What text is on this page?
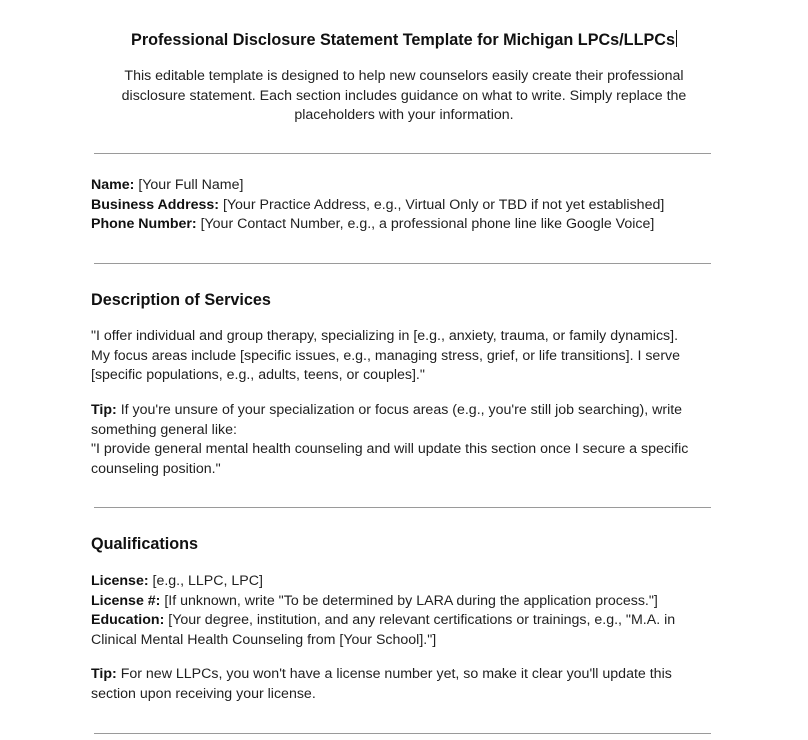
Professional Disclosure Statement Template for Michigan LPCs/LLPCs
This editable template is designed to help new counselors easily create their professional
disclosure statement. Each section includes guidance on what to write. Simply replace the
placeholders with your information.
Name: [Your Full Name]
Business Address: [Your Practice Address, e.g., Virtual Only or TBD if not yet established]
Phone Number: [Your Contact Number, e.g., a professional phone line like Google Voice]
Description of Services
"I offer individual and group therapy, specializing in [e.g., anxiety, trauma, or family dynamics].
My focus areas include [specific issues, e.g., managing stress, grief, or life transitions]. I serve
[specific populations, e.g., adults, teens, or couples]."
Tip: If you're unsure of your specialization or focus areas (e.g., you're still job searching), write
something general like:
"I provide general mental health counseling and will update this section once I secure a specific
counseling position."
Qualifications
License: [e.g., LLPC, LPC]
License #: [If unknown, write "To be determined by LARA during the application process."]
Education: [Your degree, institution, and any relevant certifications or trainings, e.g., "M.A. in
Clinical Mental Health Counseling from [Your School]."]
Tip: For new LLPCs, you won't have a license number yet, so make it clear you'll update this
section upon receiving your license.
